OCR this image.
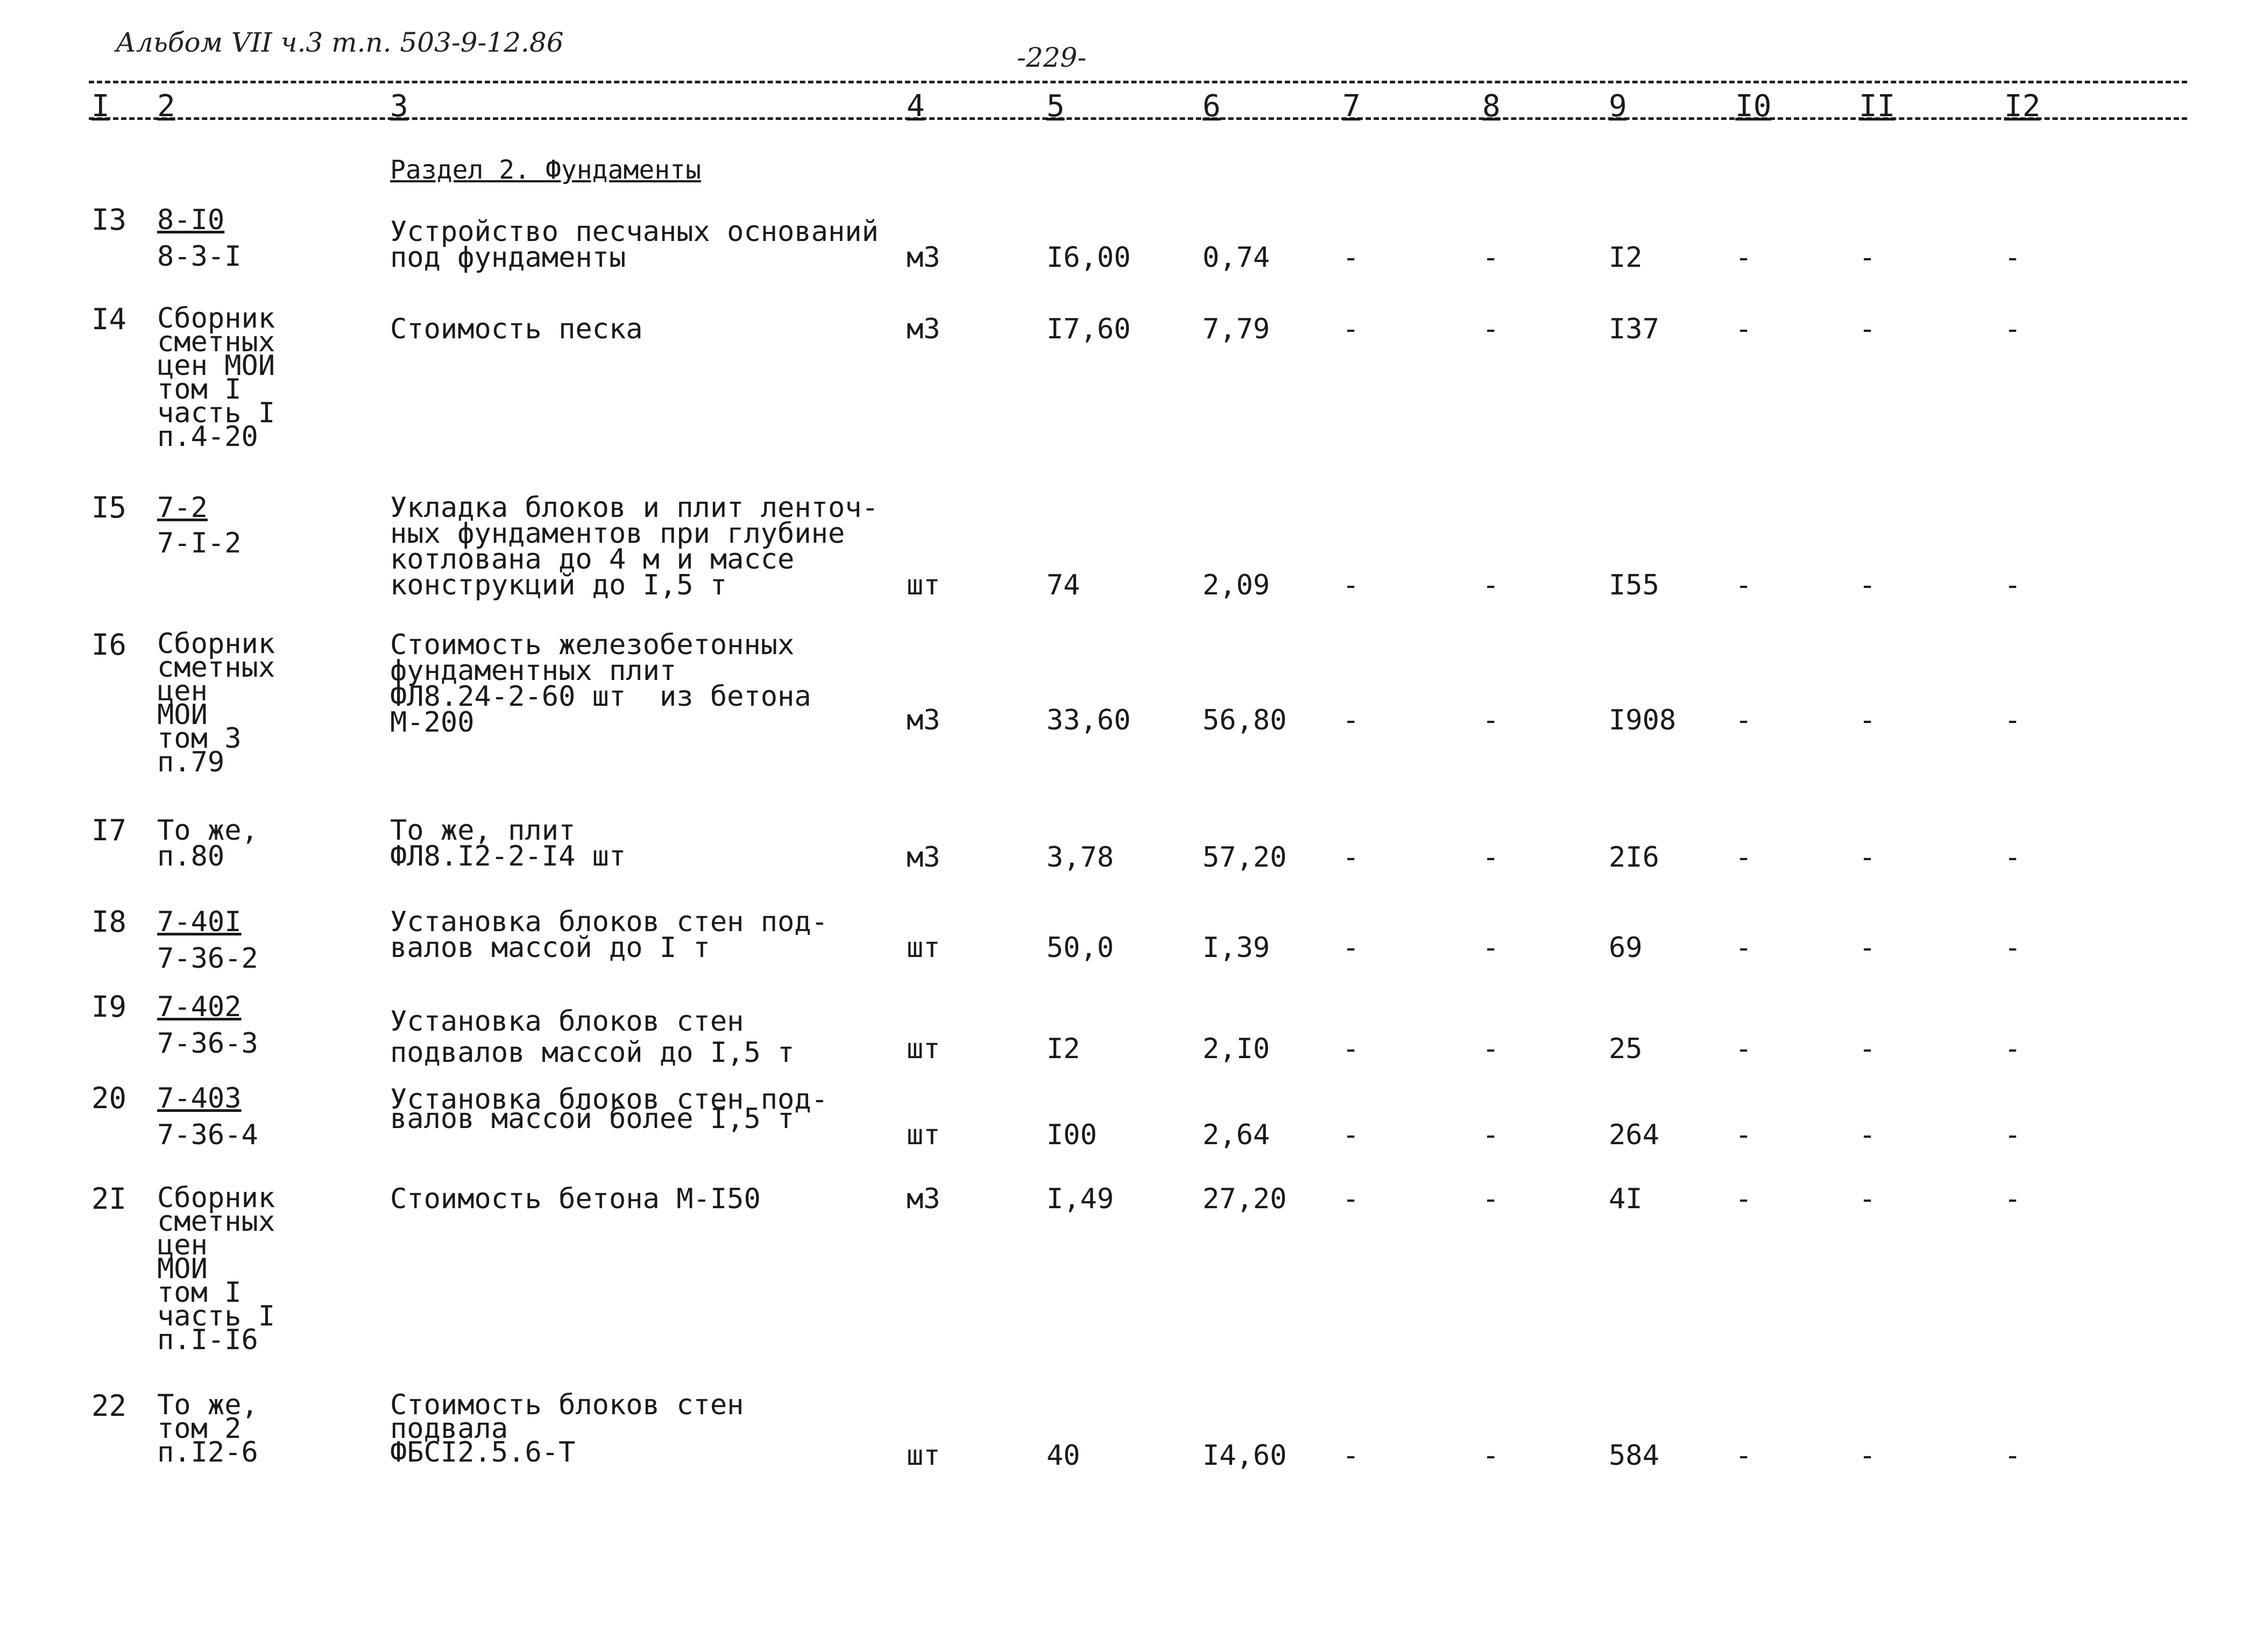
Альбом VII ч.3 т.п. 503-9-12.86	-229-
I 2	3	4	5	6	7	8	9	I0	II	I2
Раздел 2. Фундаменты
I3 8-I0
8-3-I
Устройство песчаных оснований
под фундаменты	м3	I6,00	0,74	-	-	I2	-	-	-
I4 Сборник
сметных
цен МОИ
том I
часть I
п.4-20
Стоимость песка	м3	I7,60	7,79	-	-	I37	-	-	-
I5 7-2
7-I-2
Укладка блоков и плит ленточ-
ных фундаментов при глубине
котлована до 4 м и массе
конструкций до I,5 т	шт	74	2,09	-	-	I55	-	-	-
I6 Сборник
сметных
цен
МОИ
том 3
п.79
Стоимость железобетонных
фундаментных плит
ФЛ8.24-2-60 шт  из бетона
М-200	м3	33,60	56,80 -	-	I908 -	-	-
I7 То же,
п.80
То же, плит
ФЛ8.I2-2-I4 шт	м3	3,78	57,20 -	-	2I6	-	-	-
I8 7-40I
7-36-2
Установка блоков стен под-
валов массой до I т	шт	50,0	I,39	-	-	69	-	-	-
I9 7-402
7-36-3
Установка блоков стен
подвалов массой до I,5 т	шт	I2	2,I0	-	-	25	-	-	-
20 7-403
7-36-4
Установка блоков стен под-
валов массой более I,5 т	шт	I00	2,64	-	-	264	-	-	-
2I Сборник
сметных
цен
МОИ
том I
часть I
п.I-I6
Стоимость бетона М-I50	м3	I,49	27,20 -	-	4I	-	-	-
22 То же,
том 2
п.I2-6
Стоимость блоков стен
подвала
ФБСI2.5.6-Т	шт	40	I4,60 -	-	584	-	-	-
